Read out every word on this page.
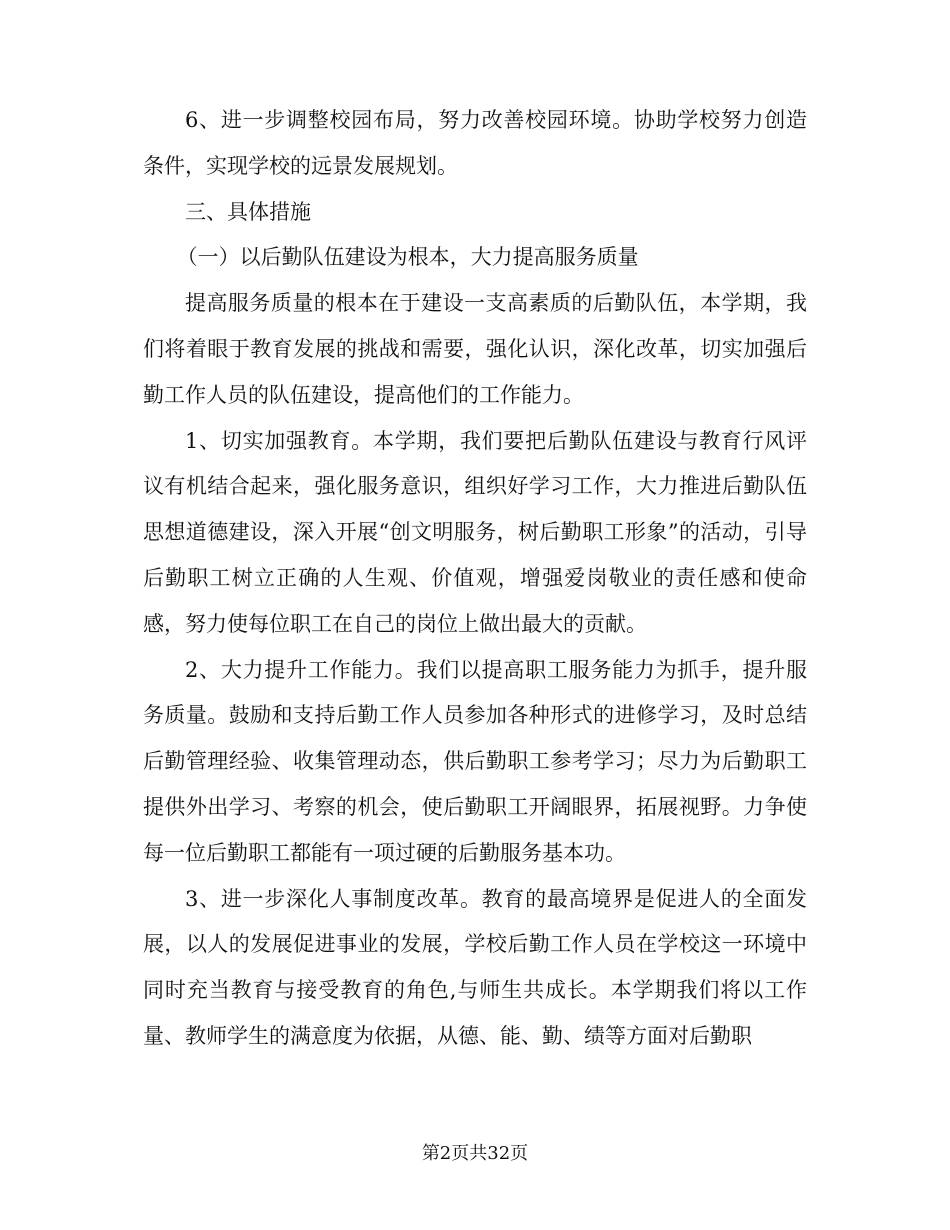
6、进一步调整校园布局，努力改善校园环境。协助学校努力创造条件，实现学校的远景发展规划。

三、具体措施

（一）以后勤队伍建设为根本，大力提高服务质量

提高服务质量的根本在于建设一支高素质的后勤队伍，本学期，我们将着眼于教育发展的挑战和需要，强化认识，深化改革，切实加强后勤工作人员的队伍建设，提高他们的工作能力。

1、切实加强教育。本学期，我们要把后勤队伍建设与教育行风评议有机结合起来，强化服务意识，组织好学习工作，大力推进后勤队伍思想道德建设，深入开展“创文明服务，树后勤职工形象”的活动，引导后勤职工树立正确的人生观、价值观，增强爱岗敬业的责任感和使命感，努力使每位职工在自己的岗位上做出最大的贡献。

2、大力提升工作能力。我们以提高职工服务能力为抓手，提升服务质量。鼓励和支持后勤工作人员参加各种形式的进修学习，及时总结后勤管理经验、收集管理动态，供后勤职工参考学习；尽力为后勤职工提供外出学习、考察的机会，使后勤职工开阔眼界，拓展视野。力争使每一位后勤职工都能有一项过硬的后勤服务基本功。

3、进一步深化人事制度改革。教育的最高境界是促进人的全面发展，以人的发展促进事业的发展，学校后勤工作人员在学校这一环境中同时充当教育与接受教育的角色,与师生共成长。本学期我们将以工作量、教师学生的满意度为依据，从德、能、勤、绩等方面对后勤职

第2页共32页
